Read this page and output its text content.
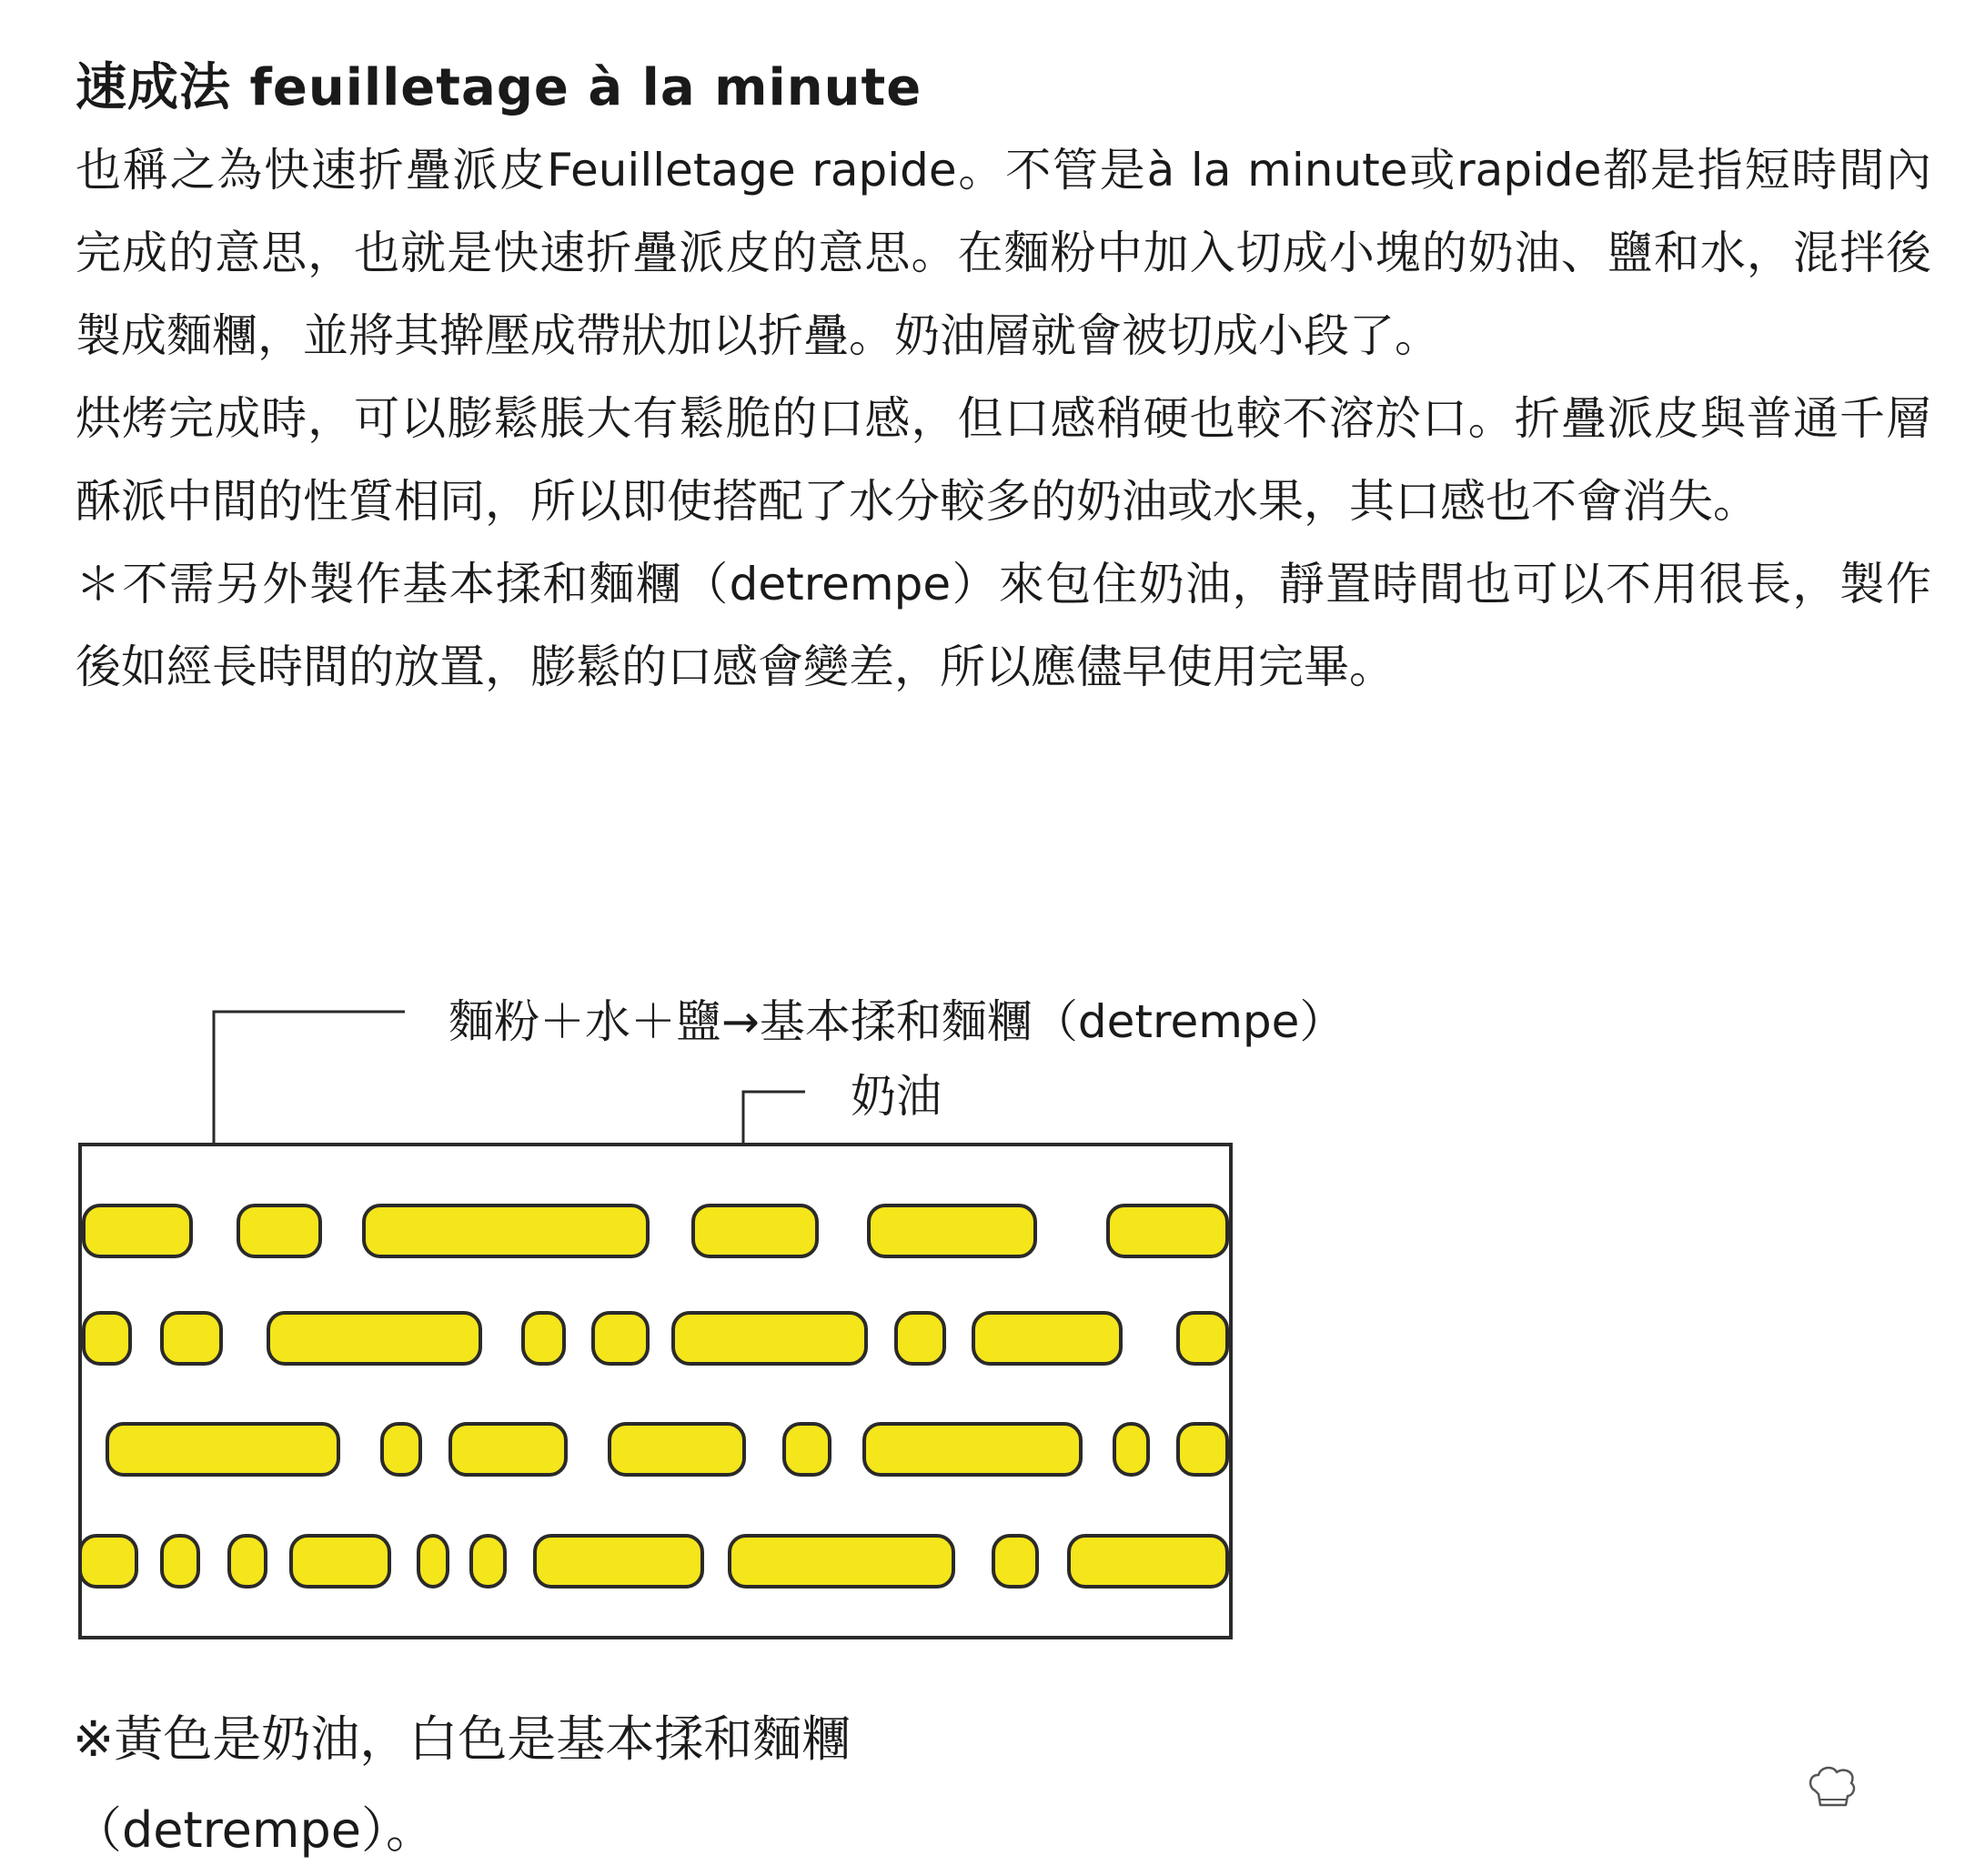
速成法 feuilletage à la minute

也稱之為快速折疊派皮Feuilletage rapide。不管是à la minute或rapide都是指短時間內完成的意思，也就是快速折疊派皮的意思。在麵粉中加入切成小塊的奶油、鹽和水，混拌後製成麵糰，並將其擀壓成帶狀加以折疊。奶油層就會被切成小段了。

烘烤完成時，可以膨鬆脹大有鬆脆的口感，但口感稍硬也較不溶於口。折疊派皮與普通千層酥派中間的性質相同，所以即使搭配了水分較多的奶油或水果，其口感也不會消失。

＊不需另外製作基本揉和麵糰（detrempe）來包住奶油，靜置時間也可以不用很長，製作後如經長時間的放置，膨鬆的口感會變差，所以應儘早使用完畢。

麵粉＋水＋鹽→基本揉和麵糰（detrempe）
奶油

※黃色是奶油，白色是基本揉和麵糰

（detrempe）。
